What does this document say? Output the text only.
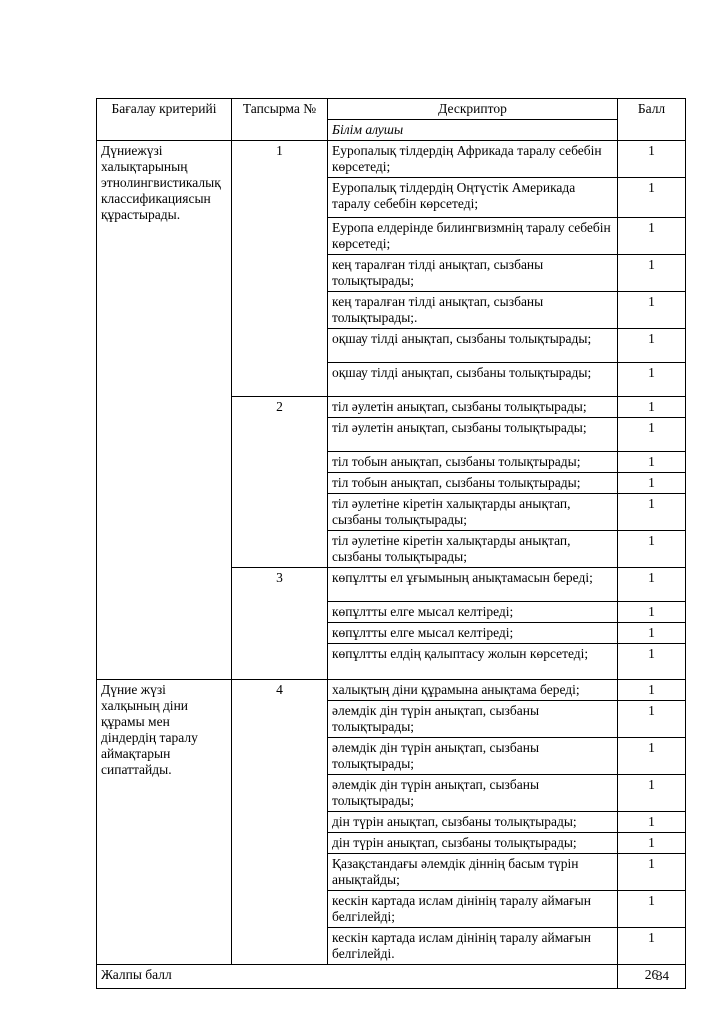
Бағалау критерийі	Тапсырма №	Дескриптор	Балл
		Білім алушы	
Дүниежүзі халықтарының этнолингвистикалық классификациясын құрастырады.	1	Еуропалық тілдердің Африкада таралу себебін көрсетеді;	1
		Еуропалық тілдердің Оңтүстік Америкада таралу себебін көрсетеді;	1
		Еуропа елдерінде билингвизмнің таралу себебін көрсетеді;	1
		кең таралған тілді анықтап, сызбаны толықтырады;	1
		кең таралған тілді анықтап, сызбаны толықтырады;.	1
		оқшау тілді анықтап, сызбаны толықтырады;	1
		оқшау тілді анықтап, сызбаны толықтырады;	1
	2	тіл әулетін анықтап, сызбаны толықтырады;	1
		тіл әулетін анықтап, сызбаны толықтырады;	1
		тіл тобын анықтап, сызбаны толықтырады;	1
		тіл тобын анықтап, сызбаны толықтырады;	1
		тіл әулетіне кіретін халықтарды анықтап, сызбаны толықтырады;	1
		тіл әулетіне кіретін халықтарды анықтап, сызбаны толықтырады;	1
	3	көпұлтты ел ұғымының анықтамасын береді;	1
		көпұлтты елге мысал келтіреді;	1
		көпұлтты елге мысал келтіреді;	1
		көпұлтты елдің қалыптасу жолын көрсетеді;	1
Дүние жүзі халқының діни құрамы мен діндердің таралу аймақтарын сипаттайды.	4	халықтың діни құрамына анықтама береді;	1
		әлемдік дін түрін анықтап, сызбаны толықтырады;	1
		әлемдік дін түрін анықтап, сызбаны толықтырады;	1
		әлемдік дін түрін анықтап, сызбаны толықтырады;	1
		дін түрін анықтап, сызбаны толықтырады;	1
		дін түрін анықтап, сызбаны толықтырады;	1
		Қазақстандағы әлемдік діннің басым түрін анықтайды;	1
		кескін картада ислам дінінің таралу аймағын белгілейді;	1
		кескін картада ислам дінінің таралу аймағын белгілейді.	1
Жалпы балл			26
34
